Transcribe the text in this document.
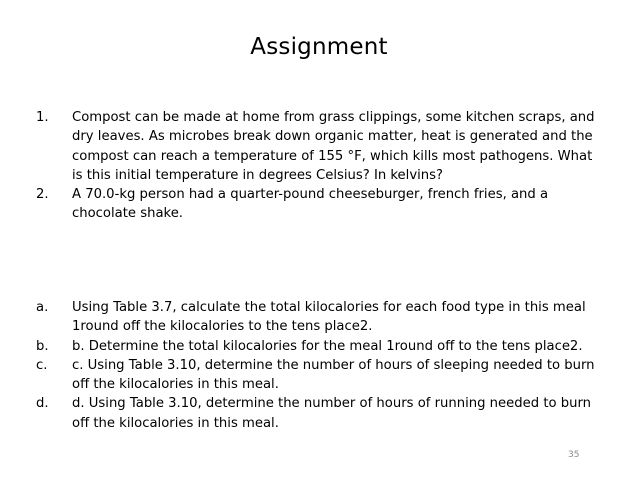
Assignment
1.	Compost can be made at home from grass clippings, some kitchen scraps, and dry leaves. As microbes break down organic matter, heat is generated and the compost can reach a temperature of 155 °F, which kills most pathogens. What is this initial temperature in degrees Celsius? In kelvins?
2.	A 70.0-kg person had a quarter-pound cheeseburger, french fries, and a chocolate shake.
a.	Using Table 3.7, calculate the total kilocalories for each food type in this meal 1round off the kilocalories to the tens place2.
b.	b. Determine the total kilocalories for the meal 1round off to the tens place2.
c.	c. Using Table 3.10, determine the number of hours of sleeping needed to burn off the kilocalories in this meal.
d.	d. Using Table 3.10, determine the number of hours of running needed to burn off the kilocalories in this meal.
35
